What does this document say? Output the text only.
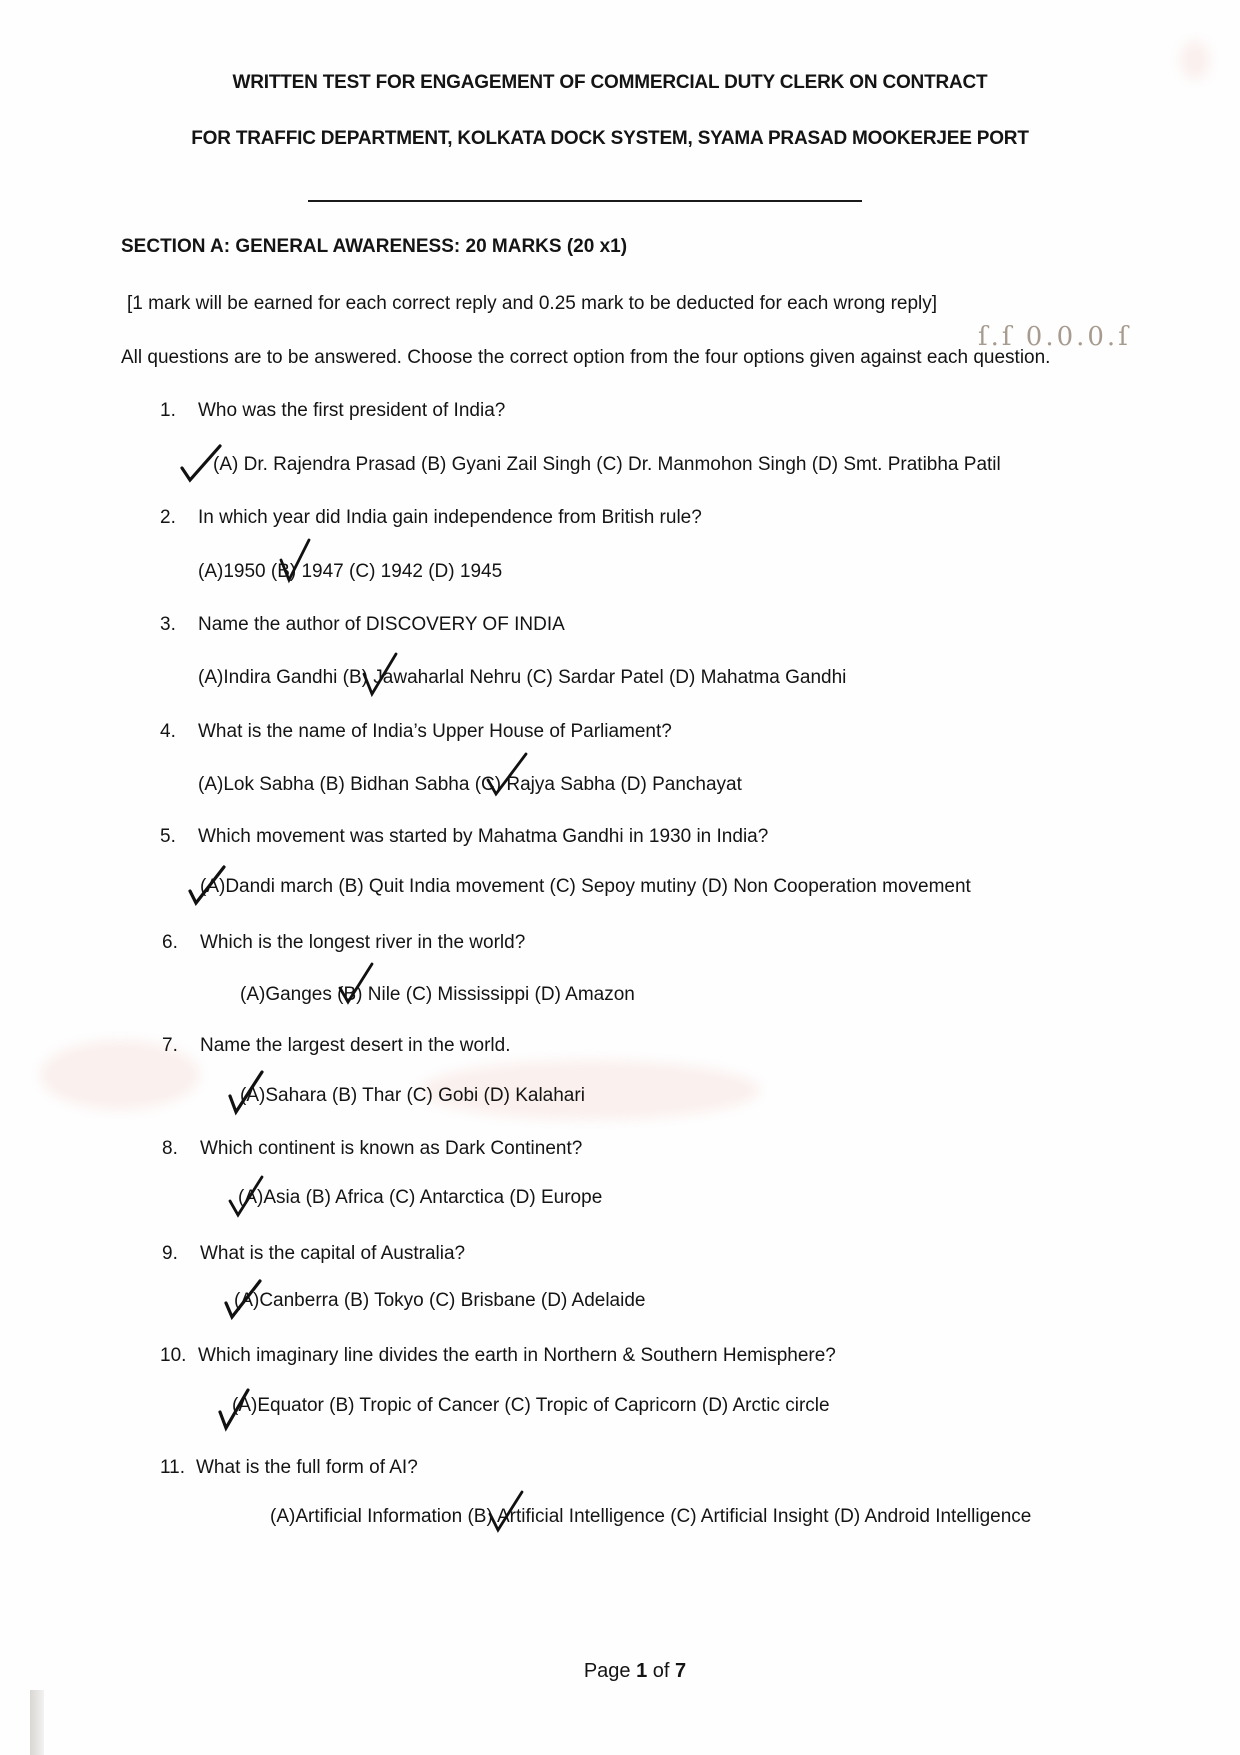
WRITTEN TEST FOR ENGAGEMENT OF COMMERCIAL DUTY CLERK ON CONTRACT
FOR TRAFFIC DEPARTMENT, KOLKATA DOCK SYSTEM, SYAMA PRASAD MOOKERJEE PORT
SECTION A: GENERAL AWARENESS: 20 MARKS (20 x1)
[1 mark will be earned for each correct reply and 0.25 mark to be deducted for each wrong reply]
All questions are to be answered. Choose the correct option from the four options given against each question.
ſ.ſ 0.0.0.ſ
1. Who was the first president of India?
(A) Dr. Rajendra Prasad (B) Gyani Zail Singh (C) Dr. Manmohon Singh (D) Smt. Pratibha Patil
2. In which year did India gain independence from British rule?
(A)1950 (B) 1947 (C) 1942 (D) 1945
3. Name the author of DISCOVERY OF INDIA
(A)Indira Gandhi (B) Jawaharlal Nehru (C) Sardar Patel (D) Mahatma Gandhi
4. What is the name of India’s Upper House of Parliament?
(A)Lok Sabha (B) Bidhan Sabha (C) Rajya Sabha (D) Panchayat
5. Which movement was started by Mahatma Gandhi in 1930 in India?
(A)Dandi march (B) Quit India movement (C) Sepoy mutiny (D) Non Cooperation movement
6. Which is the longest river in the world?
(A)Ganges (B) Nile (C) Mississippi (D) Amazon
7. Name the largest desert in the world.
(A)Sahara (B) Thar (C) Gobi (D) Kalahari
8. Which continent is known as Dark Continent?
(A)Asia (B) Africa (C) Antarctica (D) Europe
9. What is the capital of Australia?
(A)Canberra (B) Tokyo (C) Brisbane (D) Adelaide
10. Which imaginary line divides the earth in Northern & Southern Hemisphere?
(A)Equator (B) Tropic of Cancer (C) Tropic of Capricorn (D) Arctic circle
11. What is the full form of AI?
(A)Artificial Information (B) Artificial Intelligence (C) Artificial Insight (D) Android Intelligence
Page 1 of 7
